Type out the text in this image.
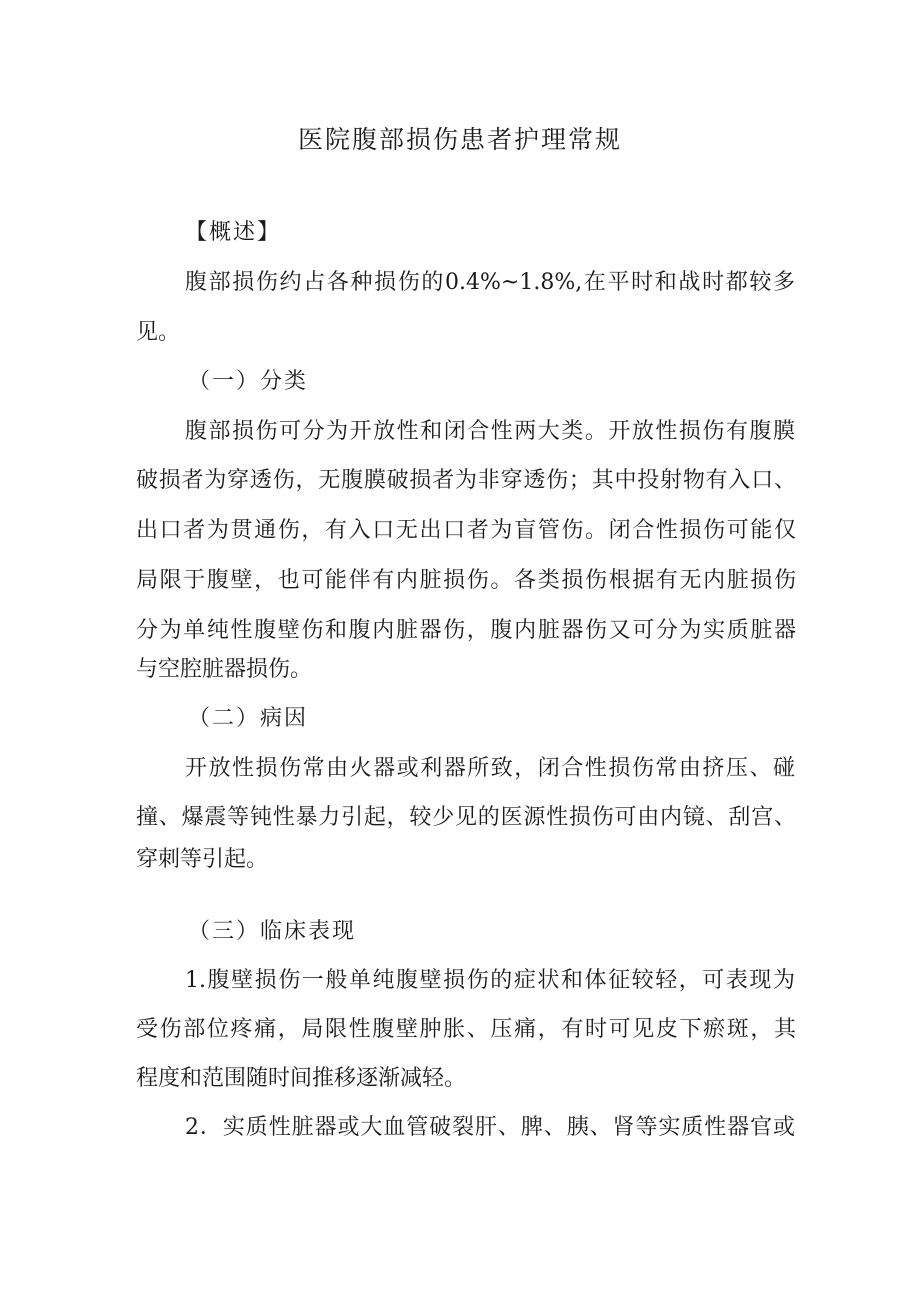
医院腹部损伤患者护理常规
【概述】
腹部损伤约占各种损伤的0.4%~1.8%,在平时和战时都较多
见。
（一）分类
腹部损伤可分为开放性和闭合性两大类。开放性损伤有腹膜
破损者为穿透伤，无腹膜破损者为非穿透伤；其中投射物有入口、
出口者为贯通伤，有入口无出口者为盲管伤。闭合性损伤可能仅
局限于腹壁，也可能伴有内脏损伤。各类损伤根据有无内脏损伤
分为单纯性腹壁伤和腹内脏器伤，腹内脏器伤又可分为实质脏器
与空腔脏器损伤。
（二）病因
开放性损伤常由火器或利器所致，闭合性损伤常由挤压、碰
撞、爆震等钝性暴力引起，较少见的医源性损伤可由内镜、刮宫、
穿刺等引起。
（三）临床表现
1.腹壁损伤一般单纯腹壁损伤的症状和体征较轻，可表现为
受伤部位疼痛，局限性腹壁肿胀、压痛，有时可见皮下瘀斑，其
程度和范围随时间推移逐渐减轻。
2．实质性脏器或大血管破裂肝、脾、胰、肾等实质性器官或
